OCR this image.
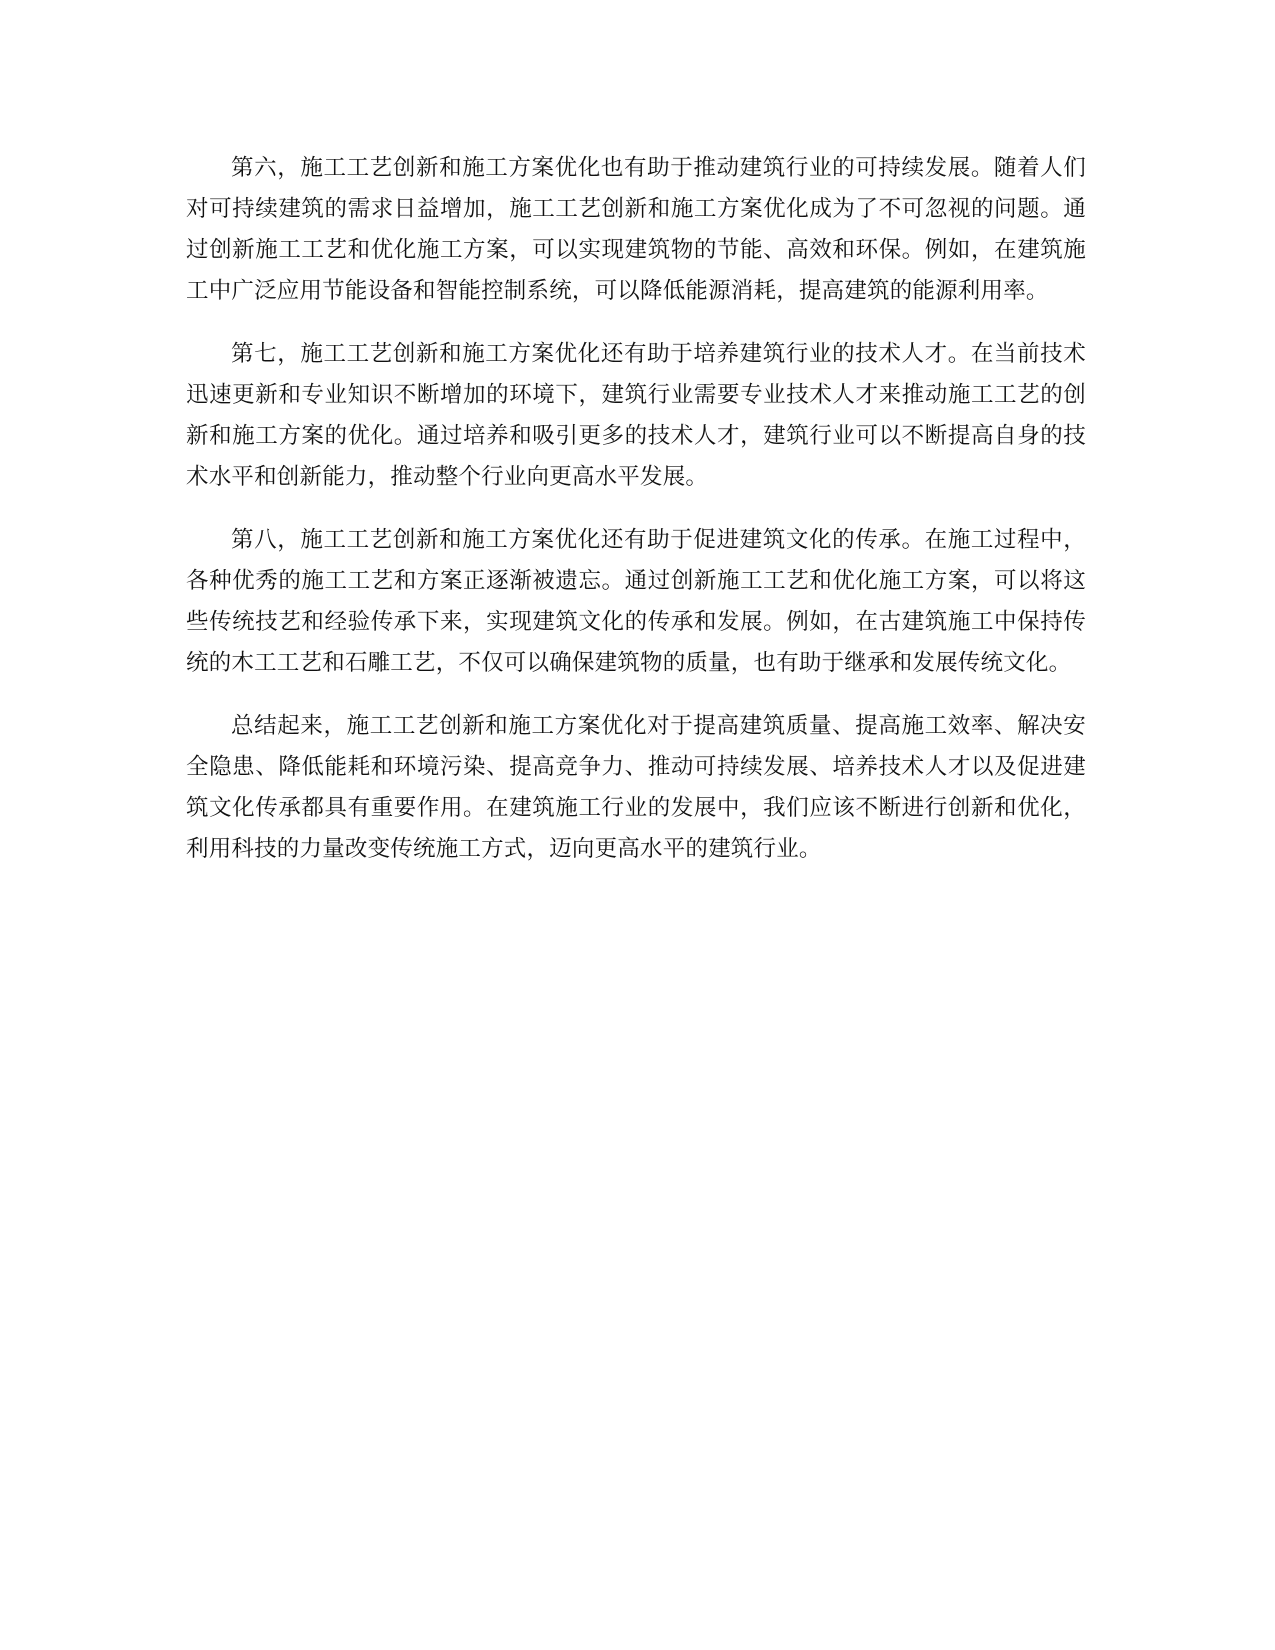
第六，施工工艺创新和施工方案优化也有助于推动建筑行业的可持续发展。随着人们对可持续建筑的需求日益增加，施工工艺创新和施工方案优化成为了不可忽视的问题。通过创新施工工艺和优化施工方案，可以实现建筑物的节能、高效和环保。例如，在建筑施工中广泛应用节能设备和智能控制系统，可以降低能源消耗，提高建筑的能源利用率。

第七，施工工艺创新和施工方案优化还有助于培养建筑行业的技术人才。在当前技术迅速更新和专业知识不断增加的环境下，建筑行业需要专业技术人才来推动施工工艺的创新和施工方案的优化。通过培养和吸引更多的技术人才，建筑行业可以不断提高自身的技术水平和创新能力，推动整个行业向更高水平发展。

第八，施工工艺创新和施工方案优化还有助于促进建筑文化的传承。在施工过程中，各种优秀的施工工艺和方案正逐渐被遗忘。通过创新施工工艺和优化施工方案，可以将这些传统技艺和经验传承下来，实现建筑文化的传承和发展。例如，在古建筑施工中保持传统的木工工艺和石雕工艺，不仅可以确保建筑物的质量，也有助于继承和发展传统文化。

总结起来，施工工艺创新和施工方案优化对于提高建筑质量、提高施工效率、解决安全隐患、降低能耗和环境污染、提高竞争力、推动可持续发展、培养技术人才以及促进建筑文化传承都具有重要作用。在建筑施工行业的发展中，我们应该不断进行创新和优化，利用科技的力量改变传统施工方式，迈向更高水平的建筑行业。
